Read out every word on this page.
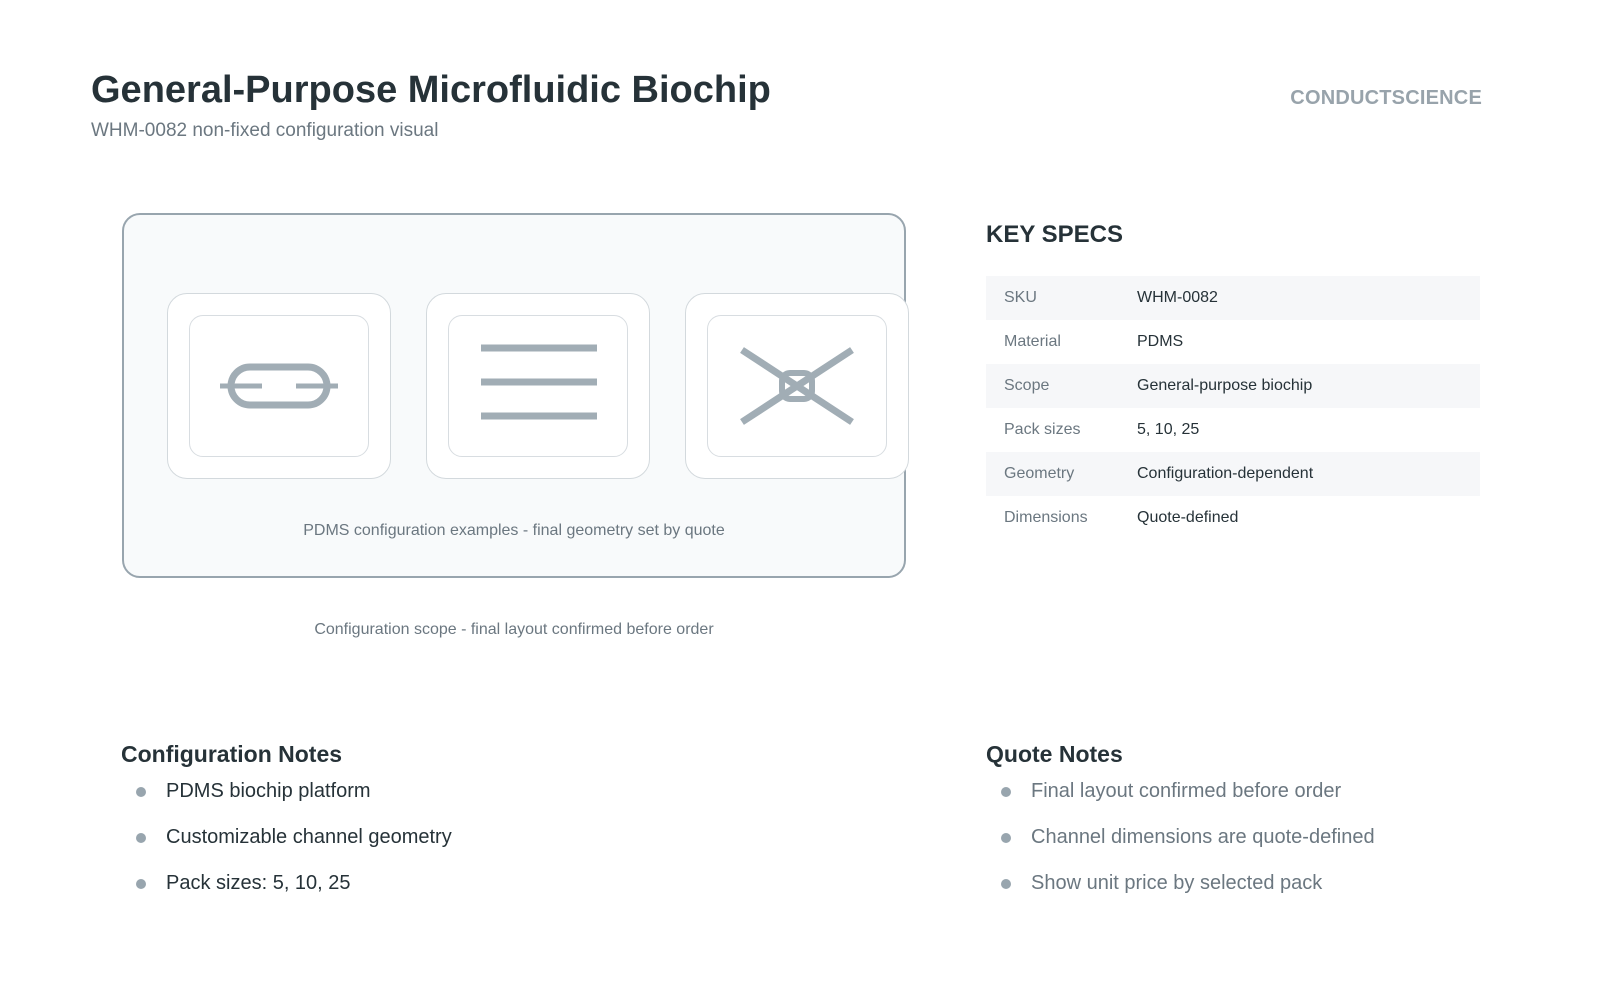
General-Purpose Microfluidic Biochip
WHM-0082 non-fixed configuration visual
CONDUCTSCIENCE
PDMS configuration examples - final geometry set by quote
Configuration scope - final layout confirmed before order
KEY SPECS
SKU	WHM-0082
Material	PDMS
Scope	General-purpose biochip
Pack sizes	5, 10, 25
Geometry	Configuration-dependent
Dimensions	Quote-defined
Configuration Notes
PDMS biochip platform
Customizable channel geometry
Pack sizes: 5, 10, 25
Quote Notes
Final layout confirmed before order
Channel dimensions are quote-defined
Show unit price by selected pack
